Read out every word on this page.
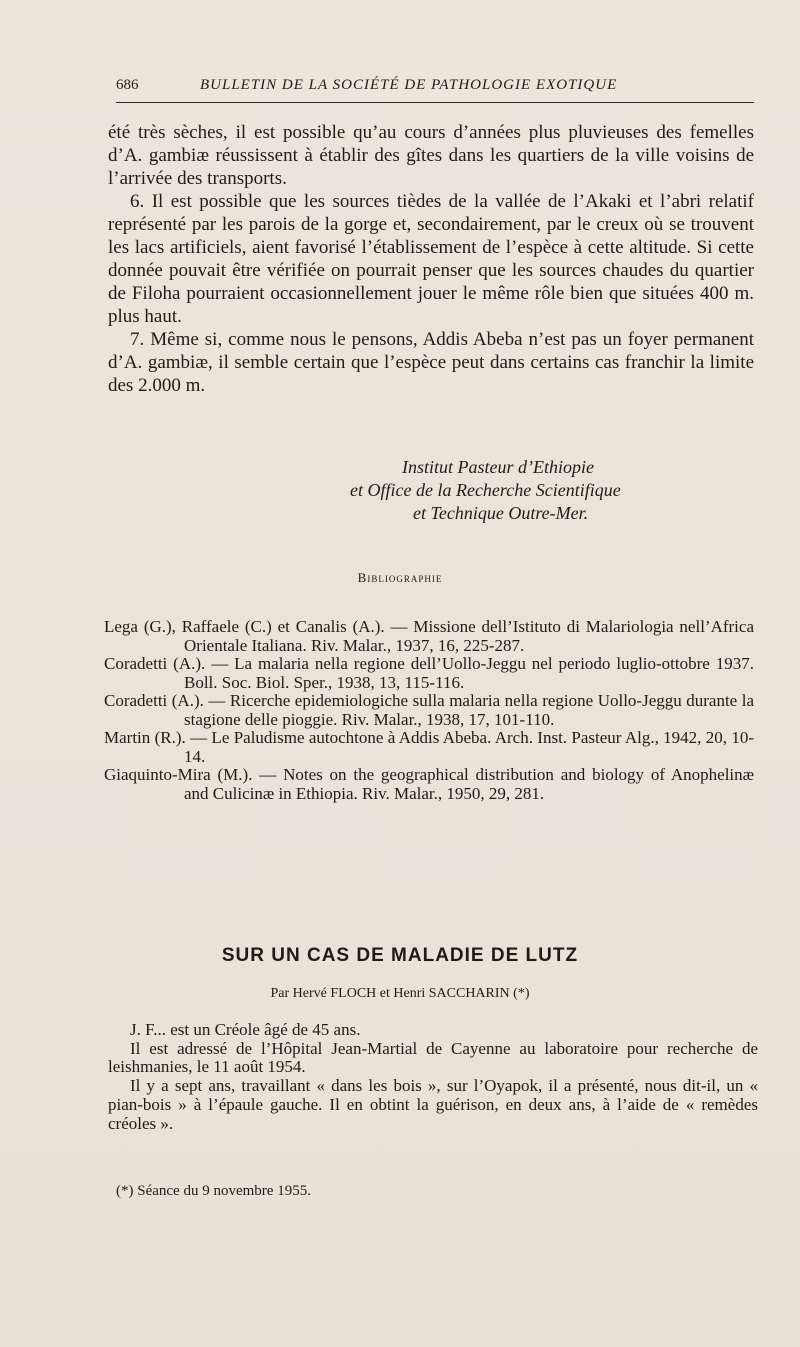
686	BULLETIN DE LA SOCIÉTÉ DE PATHOLOGIE EXOTIQUE

été très sèches, il est possible qu’au cours d’années plus pluvieuses des femelles d’A. gambiæ réussissent à établir des gîtes dans les quartiers de la ville voisins de l’arrivée des transports.

6. Il est possible que les sources tièdes de la vallée de l’Akaki et l’abri relatif représenté par les parois de la gorge et, secondairement, par le creux où se trouvent les lacs artificiels, aient favorisé l’établissement de l’espèce à cette altitude. Si cette donnée pouvait être vérifiée on pourrait penser que les sources chaudes du quartier de Filoha pourraient occasionnellement jouer le même rôle bien que situées 400 m. plus haut.

7. Même si, comme nous le pensons, Addis Abeba n’est pas un foyer permanent d’A. gambiæ, il semble certain que l’espèce peut dans certains cas franchir la limite des 2.000 m.

Institut Pasteur d’Ethiopie
et Office de la Recherche Scientifique
et Technique Outre-Mer.
Bibliographie

Lega (G.), Raffaele (C.) et Canalis (A.). — Missione dell’Istituto di Malariologia nell’Africa Orientale Italiana. Riv. Malar., 1937, 16, 225-287.

Coradetti (A.). — La malaria nella regione dell’Uollo-Jeggu nel periodo luglio-ottobre 1937. Boll. Soc. Biol. Sper., 1938, 13, 115-116.

Coradetti (A.). — Ricerche epidemiologiche sulla malaria nella regione Uollo-Jeggu durante la stagione delle pioggie. Riv. Malar., 1938, 17, 101-110.

Martin (R.). — Le Paludisme autochtone à Addis Abeba. Arch. Inst. Pasteur Alg., 1942, 20, 10-14.

Giaquinto-Mira (M.). — Notes on the geographical distribution and biology of Anophelinæ and Culicinæ in Ethiopia. Riv. Malar., 1950, 29, 281.

SUR UN CAS DE MALADIE DE LUTZ
Par Hervé FLOCH et Henri SACCHARIN (*)

J. F... est un Créole âgé de 45 ans.

Il est adressé de l’Hôpital Jean-Martial de Cayenne au laboratoire pour recherche de leishmanies, le 11 août 1954.

Il y a sept ans, travaillant « dans les bois », sur l’Oyapok, il a présenté, nous dit-il, un « pian-bois » à l’épaule gauche. Il en obtint la guérison, en deux ans, à l’aide de « remèdes créoles ».

(*) Séance du 9 novembre 1955.
